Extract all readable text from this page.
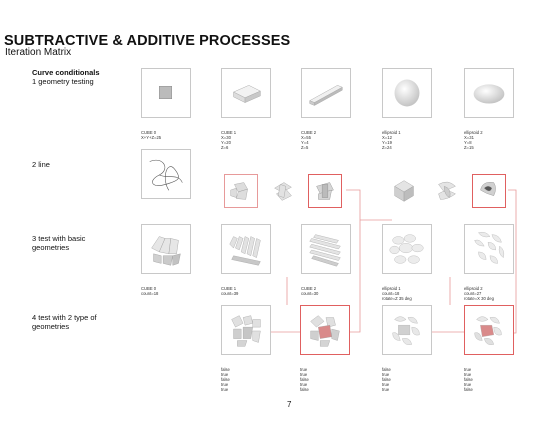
SUBTRACTIVE & ADDITIVE PROCESSES
Iteration Matrix
Curve conditionals
1 geometry testing
2 line
3 test with basic
geometries
4 test with 2 type of
geometries

CUBE 0
X+Y+Z=25

CUBE 1
X=30
Y=20
Z=6

CUBE 2
X=55
Y=4
Z=5

ellipsoid 1
X=12
Y=19
Z=24

ellipsoid 2
X=31
Y=8
Z=15

CUBE 0
count=18

CUBE 1
count=39

CUBE 2
count=30

ellipsoid 1
count=18
rotate=Z 35 deg

ellipsoid 2
count=27
rotate=X 30 deg

false
true
false
true
true

true
true
false
true
false

false
true
false
true
true

true
true
false
true
false

7
